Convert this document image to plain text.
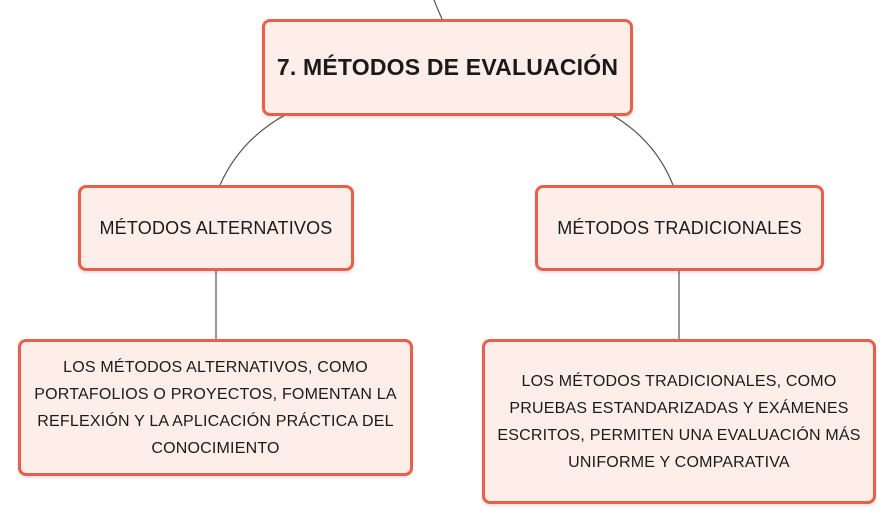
7. MÉTODOS DE EVALUACIÓN
MÉTODOS ALTERNATIVOS	MÉTODOS TRADICIONALES
LOS MÉTODOS ALTERNATIVOS, COMO
PORTAFOLIOS O PROYECTOS, FOMENTAN LA
REFLEXIÓN Y LA APLICACIÓN PRÁCTICA DEL
CONOCIMIENTO
LOS MÉTODOS TRADICIONALES, COMO
PRUEBAS ESTANDARIZADAS Y EXÁMENES
ESCRITOS, PERMITEN UNA EVALUACIÓN MÁS
UNIFORME Y COMPARATIVA
